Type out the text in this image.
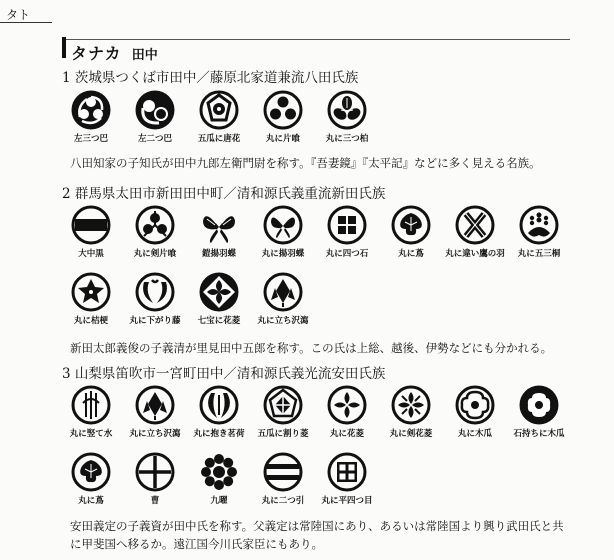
タト
タナカ 田中
1 茨城県つくば市田中／藤原北家道兼流八田氏族
左三つ巴	左二つ巴	五瓜に唐花	丸に片喰	丸に三つ柏
八田知家の子知氏が田中九郎左衛門尉を称す。『吾妻鏡』『太平記』などに多く見える名族。
2 群馬県太田市新田田中町／清和源氏義重流新田氏族
大中黒	丸に剣片喰	鎧揚羽蝶	丸に揚羽蝶	丸に四つ石	丸に蔦	丸に違い鷹の羽	丸に五三桐
丸に桔梗	丸に下がり藤	七宝に花菱	丸に立ち沢瀉
新田太郎義俊の子義清が里見田中五郎を称す。この氏は上総、越後、伊勢などにも分かれる。
3 山梨県笛吹市一宮町田中／清和源氏義光流安田氏族
丸に竪て水	丸に立ち沢瀉	丸に抱き茗荷	五瓜に割り菱	丸に花菱	丸に剣花菱	丸に木瓜	石持ちに木瓜
丸に蔦	曹	九曜	丸に二つ引	丸に平四つ目
安田義定の子義資が田中氏を称す。父義定は常陸国にあり、あるいは常陸国より興り武田氏と共
に甲斐国へ移るか。遠江国今川氏家臣にもあり。
